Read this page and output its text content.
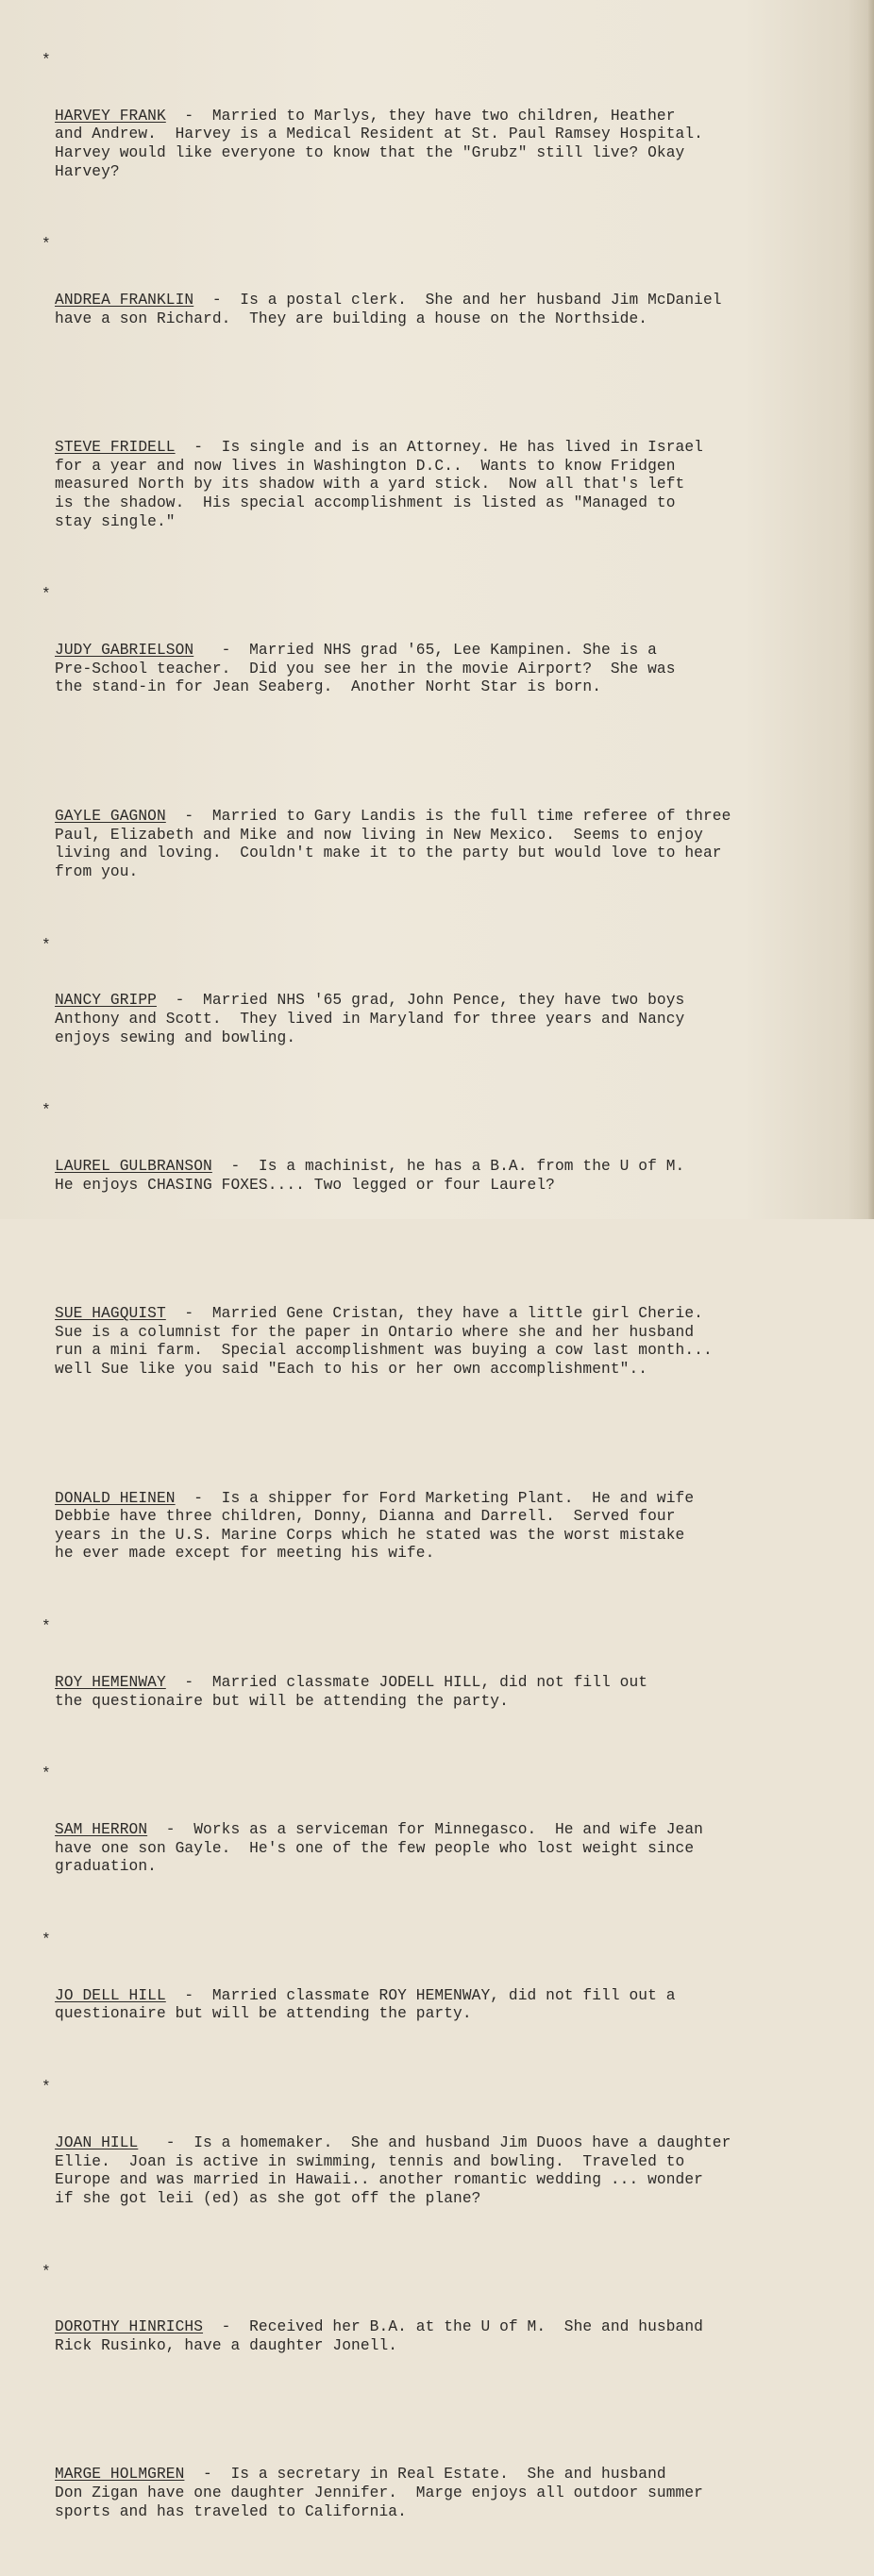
*

HARVEY FRANK  -  Married to Marlys, they have two children, Heather
and Andrew.  Harvey is a Medical Resident at St. Paul Ramsey Hospital.
Harvey would like everyone to know that the "Grubz" still live? Okay
Harvey?

*

ANDREA FRANKLIN  -  Is a postal clerk.  She and her husband Jim McDaniel
have a son Richard.  They are building a house on the Northside.

STEVE FRIDELL  -  Is single and is an Attorney. He has lived in Israel
for a year and now lives in Washington D.C..  Wants to know Fridgen
measured North by its shadow with a yard stick.  Now all that's left
is the shadow.  His special accomplishment is listed as "Managed to
stay single."

*

JUDY GABRIELSON   -  Married NHS grad '65, Lee Kampinen. She is a
Pre-School teacher.  Did you see her in the movie Airport?  She was
the stand-in for Jean Seaberg.  Another Norht Star is born.

GAYLE GAGNON  -  Married to Gary Landis is the full time referee of three
Paul, Elizabeth and Mike and now living in New Mexico.  Seems to enjoy
living and loving.  Couldn't make it to the party but would love to hear
from you.

*

NANCY GRIPP  -  Married NHS '65 grad, John Pence, they have two boys
Anthony and Scott.  They lived in Maryland for three years and Nancy
enjoys sewing and bowling.

*

LAUREL GULBRANSON  -  Is a machinist, he has a B.A. from the U of M.
He enjoys CHASING FOXES.... Two legged or four Laurel?

SUE HAGQUIST  -  Married Gene Cristan, they have a little girl Cherie.
Sue is a columnist for the paper in Ontario where she and her husband
run a mini farm.  Special accomplishment was buying a cow last month...
well Sue like you said "Each to his or her own accomplishment"..

DONALD HEINEN  -  Is a shipper for Ford Marketing Plant.  He and wife
Debbie have three children, Donny, Dianna and Darrell.  Served four
years in the U.S. Marine Corps which he stated was the worst mistake
he ever made except for meeting his wife.

*

ROY HEMENWAY  -  Married classmate JODELL HILL, did not fill out
the questionaire but will be attending the party.

*

SAM HERRON  -  Works as a serviceman for Minnegasco.  He and wife Jean
have one son Gayle.  He's one of the few people who lost weight since
graduation.

*

JO DELL HILL  -  Married classmate ROY HEMENWAY, did not fill out a
questionaire but will be attending the party.

*

JOAN HILL   -  Is a homemaker.  She and husband Jim Duoos have a daughter
Ellie.  Joan is active in swimming, tennis and bowling.  Traveled to
Europe and was married in Hawaii.. another romantic wedding ... wonder
if she got leii (ed) as she got off the plane?

*

DOROTHY HINRICHS  -  Received her B.A. at the U of M.  She and husband
Rick Rusinko, have a daughter Jonell.

MARGE HOLMGREN  -  Is a secretary in Real Estate.  She and husband
Don Zigan have one daughter Jennifer.  Marge enjoys all outdoor summer
sports and has traveled to California.
